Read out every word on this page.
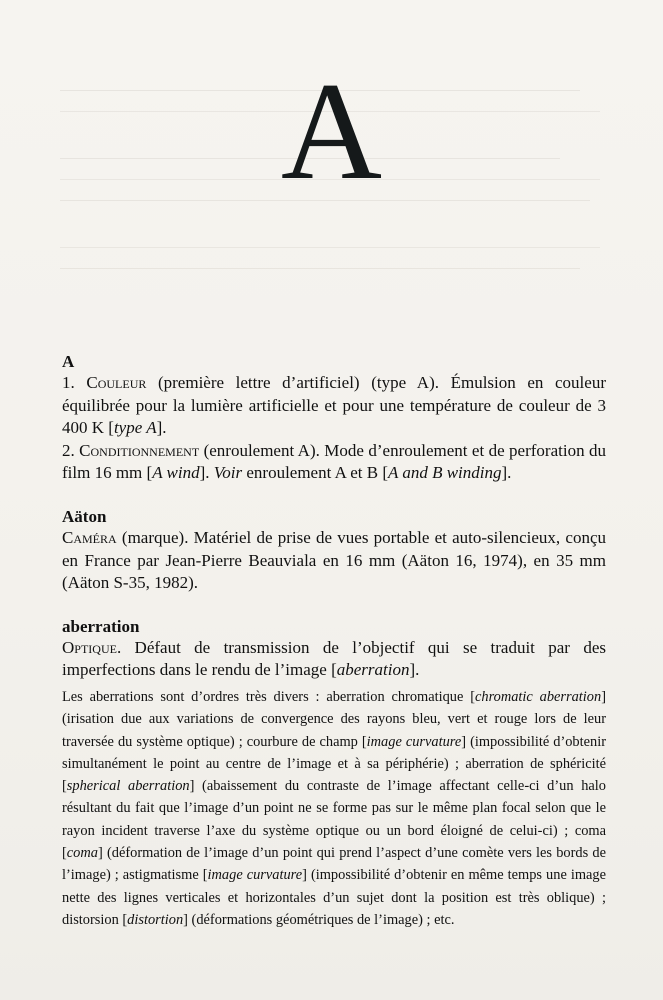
A

A

1. Couleur (première lettre d’artificiel) (type A). Émulsion en couleur équilibrée pour la lumière artificielle et pour une température de couleur de 3 400 K [type A].

2. Conditionnement (enroulement A). Mode d’enroulement et de perforation du film 16 mm [A wind]. Voir enroulement A et B [A and B winding].

Aäton

Caméra (marque). Matériel de prise de vues portable et auto-silencieux, conçu en France par Jean-Pierre Beauviala en 16 mm (Aäton 16, 1974), en 35 mm (Aäton S-35, 1982).

aberration

Optique. Défaut de transmission de l’objectif qui se traduit par des imperfections dans le rendu de l’image [aberration].

Les aberrations sont d’ordres très divers : aberration chromatique [chromatic aberration] (irisation due aux variations de convergence des rayons bleu, vert et rouge lors de leur traversée du système optique) ; courbure de champ [image curvature] (impossibilité d’obtenir simultanément le point au centre de l’image et à sa périphérie) ; aberration de sphéricité [spherical aberration] (abaissement du contraste de l’image affectant celle-ci d’un halo résultant du fait que l’image d’un point ne se forme pas sur le même plan focal selon que le rayon incident traverse l’axe du système optique ou un bord éloigné de celui-ci) ; coma [coma] (déformation de l’image d’un point qui prend l’aspect d’une comète vers les bords de l’image) ; astigmatisme [image curvature] (impossibilité d’obtenir en même temps une image nette des lignes verticales et horizontales d’un sujet dont la position est très oblique) ; distorsion [distortion] (déformations géométriques de l’image) ; etc.
